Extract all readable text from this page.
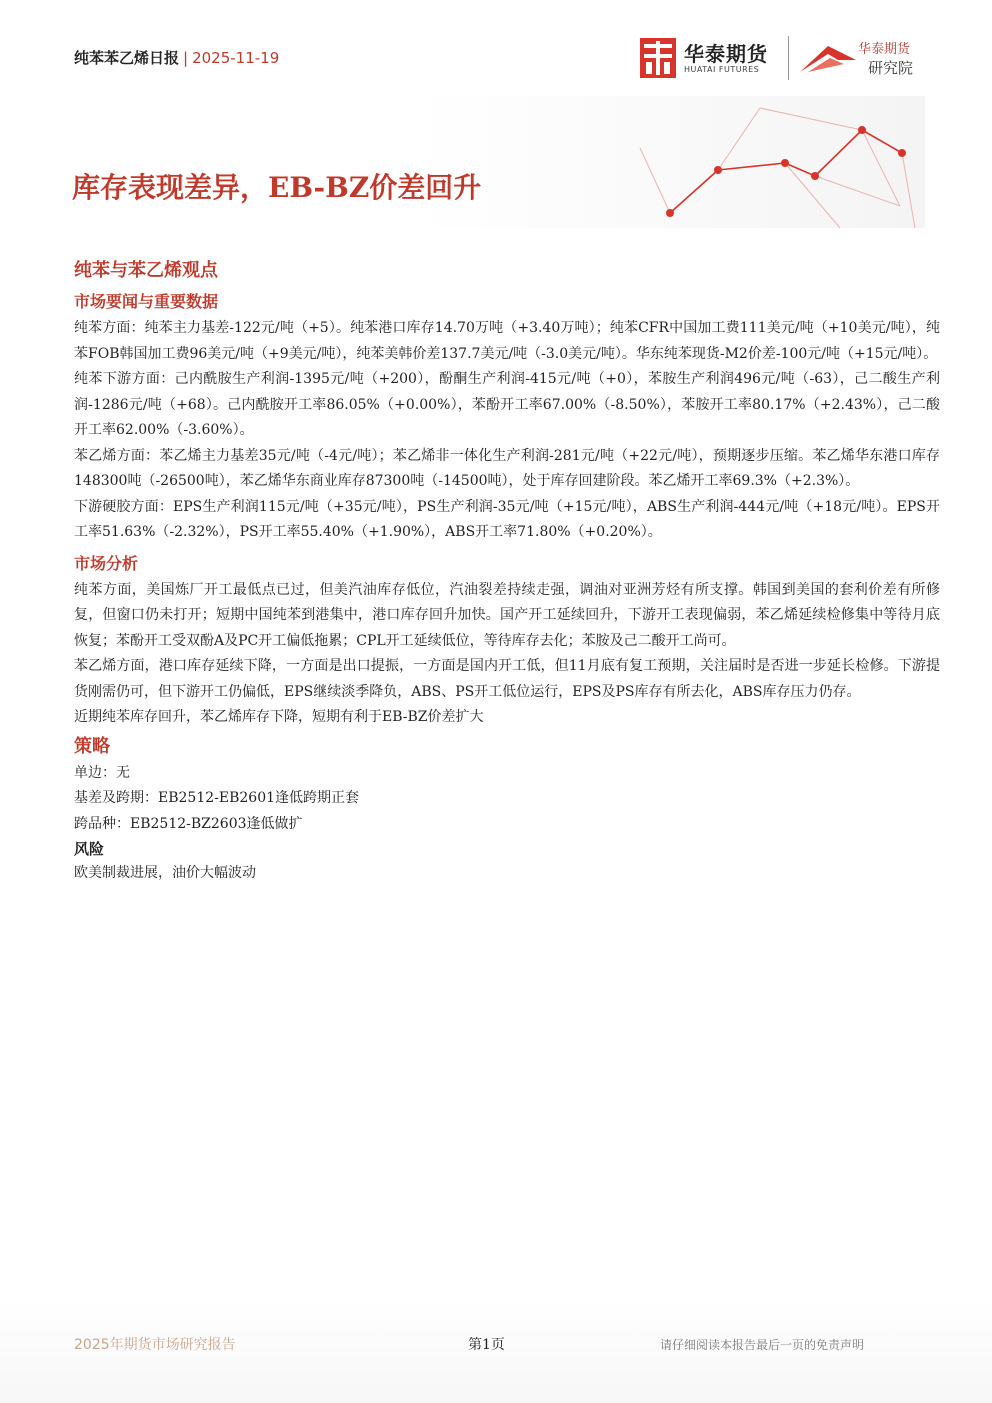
纯苯苯乙烯日报 | 2025-11-19	华泰期货
HUATAI FUTURES
华泰期货
研究院
库存表现差异，EB-BZ价差回升
纯苯与苯乙烯观点
市场要闻与重要数据

纯苯方面：纯苯主力基差-122元/吨（+5）。纯苯港口库存14.70万吨（+3.40万吨）；纯苯CFR中国加工费111美元/吨（+10美元/吨），纯苯FOB韩国加工费96美元/吨（+9美元/吨），纯苯美韩价差137.7美元/吨（-3.0美元/吨）。华东纯苯现货-M2价差-100元/吨（+15元/吨）。

纯苯下游方面：己内酰胺生产利润-1395元/吨（+200），酚酮生产利润-415元/吨（+0），苯胺生产利润496元/吨（-63），己二酸生产利润-1286元/吨（+68）。己内酰胺开工率86.05%（+0.00%），苯酚开工率67.00%（-8.50%），苯胺开工率80.17%（+2.43%），己二酸开工率62.00%（-3.60%）。

苯乙烯方面：苯乙烯主力基差35元/吨（-4元/吨）；苯乙烯非一体化生产利润-281元/吨（+22元/吨），预期逐步压缩。苯乙烯华东港口库存148300吨（-26500吨），苯乙烯华东商业库存87300吨（-14500吨），处于库存回建阶段。苯乙烯开工率69.3%（+2.3%）。

下游硬胶方面：EPS生产利润115元/吨（+35元/吨），PS生产利润-35元/吨（+15元/吨），ABS生产利润-444元/吨（+18元/吨）。EPS开工率51.63%（-2.32%），PS开工率55.40%（+1.90%），ABS开工率71.80%（+0.20%）。

市场分析

纯苯方面，美国炼厂开工最低点已过，但美汽油库存低位，汽油裂差持续走强，调油对亚洲芳烃有所支撑。韩国到美国的套利价差有所修复，但窗口仍未打开；短期中国纯苯到港集中，港口库存回升加快。国产开工延续回升，下游开工表现偏弱，苯乙烯延续检修集中等待月底恢复；苯酚开工受双酚A及PC开工偏低拖累；CPL开工延续低位，等待库存去化；苯胺及己二酸开工尚可。

苯乙烯方面，港口库存延续下降，一方面是出口提振，一方面是国内开工低，但11月底有复工预期，关注届时是否进一步延长检修。下游提货刚需仍可，但下游开工仍偏低，EPS继续淡季降负，ABS、PS开工低位运行，EPS及PS库存有所去化，ABS库存压力仍存。

近期纯苯库存回升，苯乙烯库存下降，短期有利于EB-BZ价差扩大

策略

单边：无

基差及跨期：EB2512-EB2601逢低跨期正套

跨品种：EB2512-BZ2603逢低做扩

风险

欧美制裁进展，油价大幅波动

2025年期货市场研究报告	第1页	请仔细阅读本报告最后一页的免责声明
